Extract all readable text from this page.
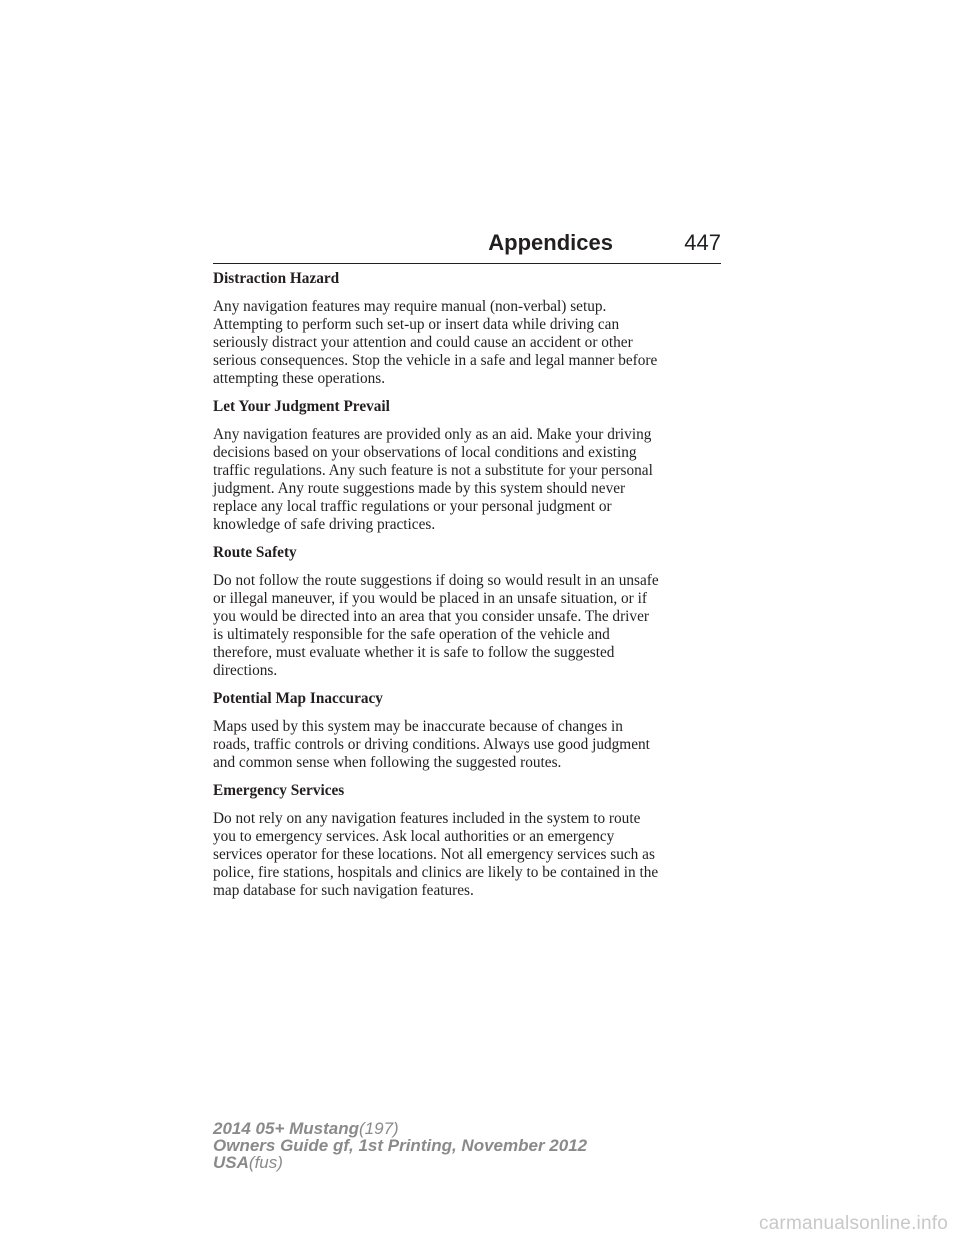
Appendices	447
Distraction Hazard

Any navigation features may require manual (non-verbal) setup.
Attempting to perform such set-up or insert data while driving can
seriously distract your attention and could cause an accident or other
serious consequences. Stop the vehicle in a safe and legal manner before
attempting these operations.

Let Your Judgment Prevail

Any navigation features are provided only as an aid. Make your driving
decisions based on your observations of local conditions and existing
traffic regulations. Any such feature is not a substitute for your personal
judgment. Any route suggestions made by this system should never
replace any local traffic regulations or your personal judgment or
knowledge of safe driving practices.

Route Safety

Do not follow the route suggestions if doing so would result in an unsafe
or illegal maneuver, if you would be placed in an unsafe situation, or if
you would be directed into an area that you consider unsafe. The driver
is ultimately responsible for the safe operation of the vehicle and
therefore, must evaluate whether it is safe to follow the suggested
directions.

Potential Map Inaccuracy

Maps used by this system may be inaccurate because of changes in
roads, traffic controls or driving conditions. Always use good judgment
and common sense when following the suggested routes.

Emergency Services

Do not rely on any navigation features included in the system to route
you to emergency services. Ask local authorities or an emergency
services operator for these locations. Not all emergency services such as
police, fire stations, hospitals and clinics are likely to be contained in the
map database for such navigation features.

2014 05+ Mustang(197)
Owners Guide gf, 1st Printing, November 2012
USA(fus)
carmanualsonline.info
